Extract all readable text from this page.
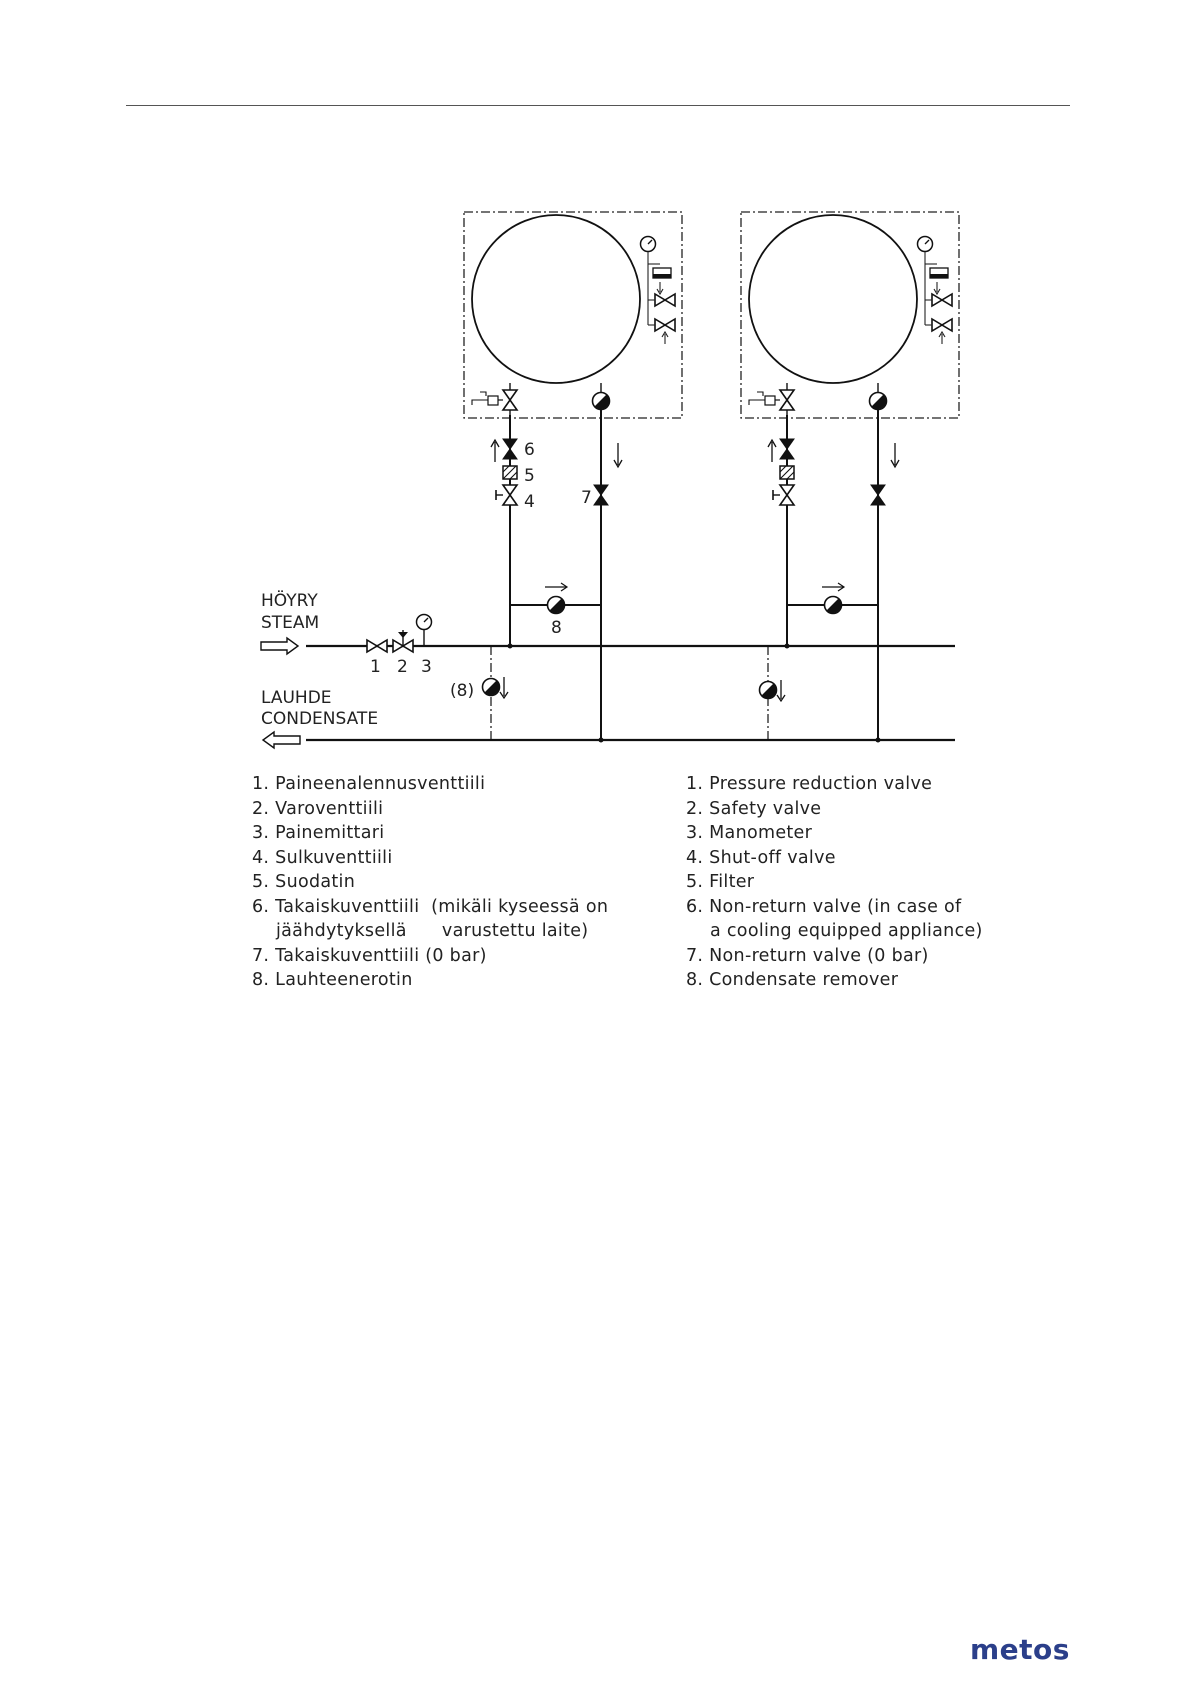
HÖYRY
STEAM
LAUHDE
CONDENSATE
1 2 3
6
5
4	7
8
(8)
1. Paineenalennusventtiili
2. Varoventtiili
3. Painemittari
4. Sulkuventtiili
5. Suodatin
6. Takaiskuventtiili  (mikäli kyseessä on
jäähdytyksellä      varustettu laite)
7. Takaiskuventtiili (0 bar)
8. Lauhteenerotin
1. Pressure reduction valve
2. Safety valve
3. Manometer
4. Shut-off valve
5. Filter
6. Non-return valve (in case of
a cooling equipped appliance)
7. Non-return valve (0 bar)
8. Condensate remover
metos
